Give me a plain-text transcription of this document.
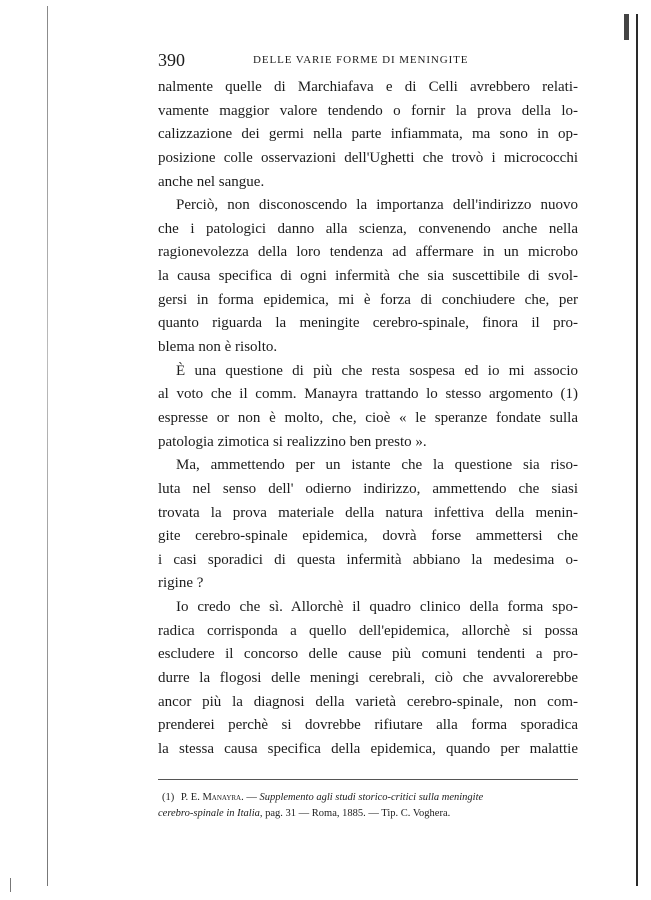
390	DELLE VARIE FORME DI MENINGITE
nalmente quelle di Marchiafava e di Celli avrebbero relati-
vamente maggior valore tendendo o fornir la prova della lo-
calizzazione dei germi nella parte infiammata, ma sono in op-
posizione colle osservazioni dell'Ughetti che trovò i micrococchi
anche nel sangue.
Perciò, non disconoscendo la importanza dell'indirizzo nuovo
che i patologici danno alla scienza, convenendo anche nella
ragionevolezza della loro tendenza ad affermare in un microbo
la causa specifica di ogni infermità che sia suscettibile di svol-
gersi in forma epidemica, mi è forza di conchiudere che, per
quanto riguarda la meningite cerebro-spinale, finora il pro-
blema non è risolto.
È una questione di più che resta sospesa ed io mi associo
al voto che il comm. Manayra trattando lo stesso argomento (1)
espresse or non è molto, che, cioè « le speranze fondate sulla
patologia zimotica si realizzino ben presto ».
Ma, ammettendo per un istante che la questione sia riso-
luta nel senso dell' odierno indirizzo, ammettendo che siasi
trovata la prova materiale della natura infettiva della menin-
gite cerebro-spinale epidemica, dovrà forse ammettersi che
i casi sporadici di questa infermità abbiano la medesima o-
rigine ?
Io credo che sì. Allorchè il quadro clinico della forma spo-
radica corrisponda a quello dell'epidemica, allorchè si possa
escludere il concorso delle cause più comuni tendenti a pro-
durre la flogosi delle meningi cerebrali, ciò che avvalorerebbe
ancor più la diagnosi della varietà cerebro-spinale, non com-
prenderei perchè si dovrebbe rifiutare alla forma sporadica
la stessa causa specifica della epidemica, quando per malattie
(1) P. E. Manayra. — Supplemento agli studi storico-critici sulla meningite
cerebro-spinale in Italia, pag. 31 — Roma, 1885. — Tip. C. Voghera.
